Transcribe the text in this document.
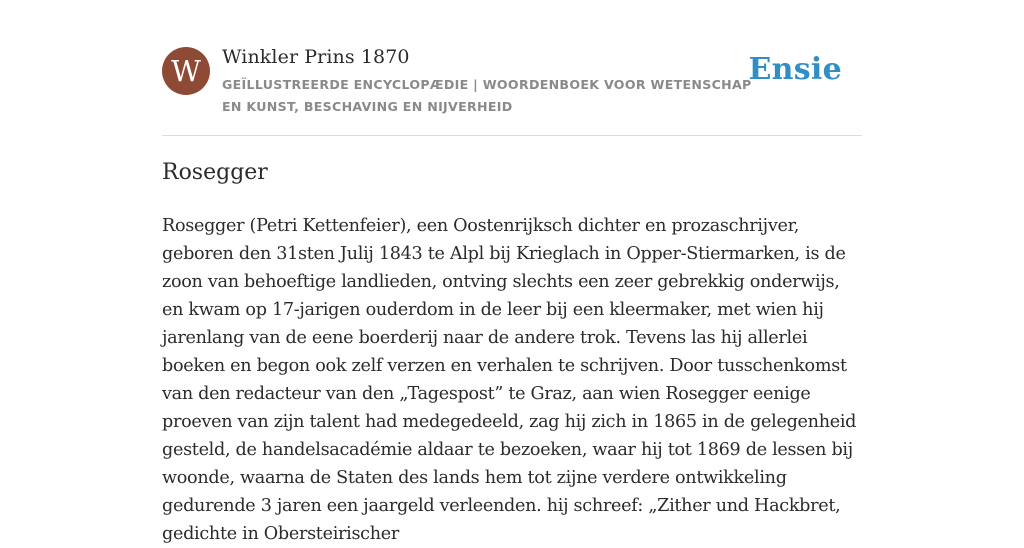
W	Winkler Prins 1870
GEÏLLUSTREERDE ENCYCLOPÆDIE | WOORDENBOEK VOOR WETENSCHAP EN KUNST, BESCHAVING EN NIJVERHEID
Ensie
Rosegger

Rosegger (Petri Kettenfeier), een Oostenrijksch dichter en prozaschrijver, geboren den 31sten Julij 1843 te Alpl bij Krieglach in Opper-Stiermarken, is de zoon van behoeftige landlieden, ontving slechts een zeer gebrekkig onderwijs, en kwam op 17-jarigen ouderdom in de leer bij een kleermaker, met wien hij jarenlang van de eene boerderij naar de andere trok. Tevens las hij allerlei boeken en begon ook zelf verzen en verhalen te schrijven. Door tusschenkomst van den redacteur van den „Tagespost” te Graz, aan wien Rosegger eenige proeven van zijn talent had medegedeeld, zag hij zich in 1865 in de gelegenheid gesteld, de handelsacadémie aldaar te bezoeken, waar hij tot 1869 de lessen bij woonde, waarna de Staten des lands hem tot zijne verdere ontwikkeling gedurende 3 jaren een jaargeld verleenden. hij schreef: „Zither und Hackbret, gedichte in Obersteirischer
